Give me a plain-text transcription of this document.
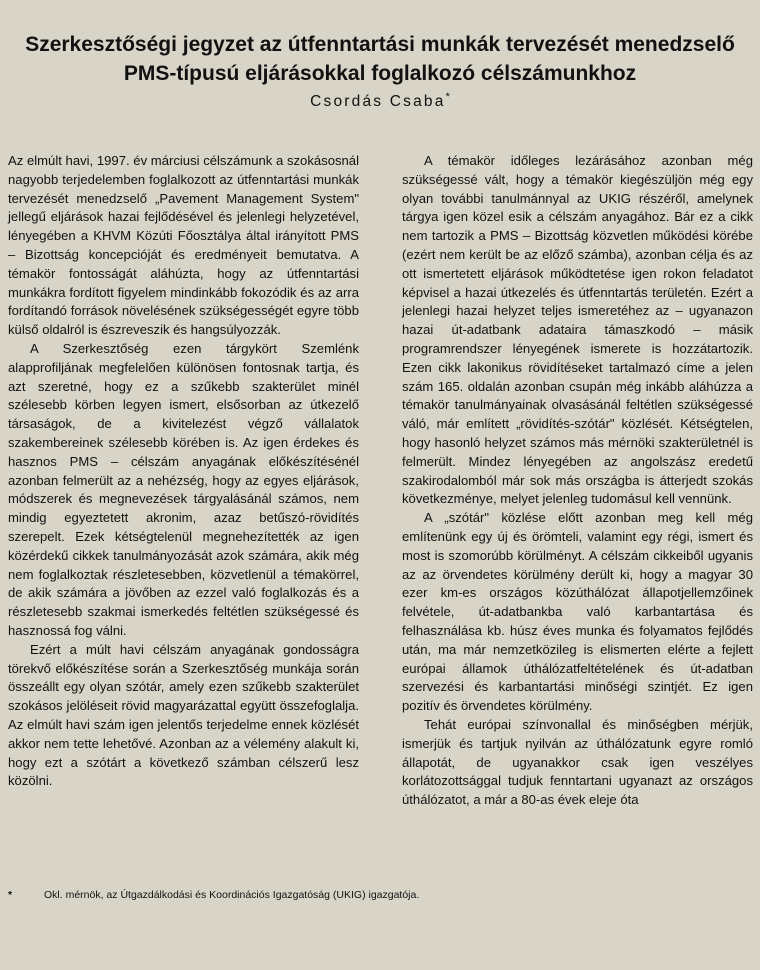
Szerkesztőségi jegyzet az útfenntartási munkák tervezését menedzselő PMS-típusú eljárásokkal foglalkozó célszámunkhoz
Csordás Csaba*

Az elmúlt havi, 1997. év márciusi célszámunk a szokásosnál nagyobb terjedelemben foglalkozott az útfenntartási munkák tervezését menedzselő „Pavement Management System" jellegű eljárások hazai fejlődésével és jelenlegi helyzetével, lényegében a KHVM Közúti Főosztálya által irányított PMS – Bizottság koncepcióját és eredményeit bemutatva. A témakör fontosságát aláhúzta, hogy az útfenntartási munkákra fordított figyelem mindinkább fokozódik és az arra fordítandó források növelésének szükségességét egyre több külső oldalról is észreveszik és hangsúlyozzák.

A Szerkesztőség ezen tárgykört Szemlénk alapprofiljának megfelelően különösen fontosnak tartja, és azt szeretné, hogy ez a szűkebb szakterület minél szélesebb körben legyen ismert, elsősorban az útkezelő társaságok, de a kivitelezést végző vállalatok szakembereinek szélesebb körében is. Az igen érdekes és hasznos PMS – célszám anyagának előkészítésénél azonban felmerült az a nehézség, hogy az egyes eljárások, módszerek és megnevezések tárgyalásánál számos, nem mindig egyeztetett akronim, azaz betűszó-rövidítés szerepelt. Ezek kétségtelenül megnehezítették az igen közérdekű cikkek tanulmányozását azok számára, akik még nem foglalkoztak részletesebben, közvetlenül a témakörrel, de akik számára a jövőben az ezzel való foglalkozás és a részletesebb szakmai ismerkedés feltétlen szükségessé és hasznossá fog válni.

Ezért a múlt havi célszám anyagának gondosságra törekvő előkészítése során a Szerkesztőség munkája során összeállt egy olyan szótár, amely ezen szűkebb szakterület szokásos jelöléseit rövid magyarázattal együtt összefoglalja. Az elmúlt havi szám igen jelentős terjedelme ennek közlését akkor nem tette lehetővé. Azonban az a vélemény alakult ki, hogy ezt a szótárt a következő számban célszerű lesz közölni.

A témakör időleges lezárásához azonban még szükségessé vált, hogy a témakör kiegészüljön még egy olyan további tanulmánnyal az UKIG részéről, amelynek tárgya igen közel esik a célszám anyagához. Bár ez a cikk nem tartozik a PMS – Bizottság közvetlen működési körébe (ezért nem került be az előző számba), azonban célja és az ott ismertetett eljárások működtetése igen rokon feladatot képvisel a hazai útkezelés és útfenntartás területén. Ezért a jelenlegi hazai helyzet teljes ismeretéhez az – ugyanazon hazai út-adatbank adataira támaszkodó – másik programrendszer lényegének ismerete is hozzátartozik. Ezen cikk lakonikus rövidítéseket tartalmazó címe a jelen szám 165. oldalán azonban csupán még inkább aláhúzza a témakör tanulmányainak olvasásánál feltétlen szükségessé váló, már említett „rövidítés-szótár" közlését. Kétségtelen, hogy hasonló helyzet számos más mérnöki szakterületnél is felmerült. Mindez lényegében az angolszász eredetű szakirodalomból már sok más országba is átterjedt szokás következménye, melyet jelenleg tudomásul kell vennünk.

A „szótár" közlése előtt azonban meg kell még említenünk egy új és örömteli, valamint egy régi, ismert és most is szomorúbb körülményt. A célszám cikkeiből ugyanis az az örvendetes körülmény derült ki, hogy a magyar 30 ezer km-es országos közúthálózat állapotjellemzőinek felvétele, út-adatbankba való karbantartása és felhasználása kb. húsz éves munka és folyamatos fejlődés után, ma már nemzetközileg is elismerten elérte a fejlett európai államok úthálózatfeltételének és út-adatban szervezési és karbantartási minőségi szintjét. Ez igen pozitív és örvendetes körülmény.

Tehát európai színvonallal és minőségben mérjük, ismerjük és tartjuk nyilván az úthálózatunk egyre romló állapotát, de ugyanakkor csak igen veszélyes korlátozottsággal tudjuk fenntartani ugyanazt az országos úthálózatot, a már a 80-as évek eleje óta

*	Okl. mérnök, az Útgazdálkodási és Koordinációs Igazgatóság (UKIG) igazgatója.
